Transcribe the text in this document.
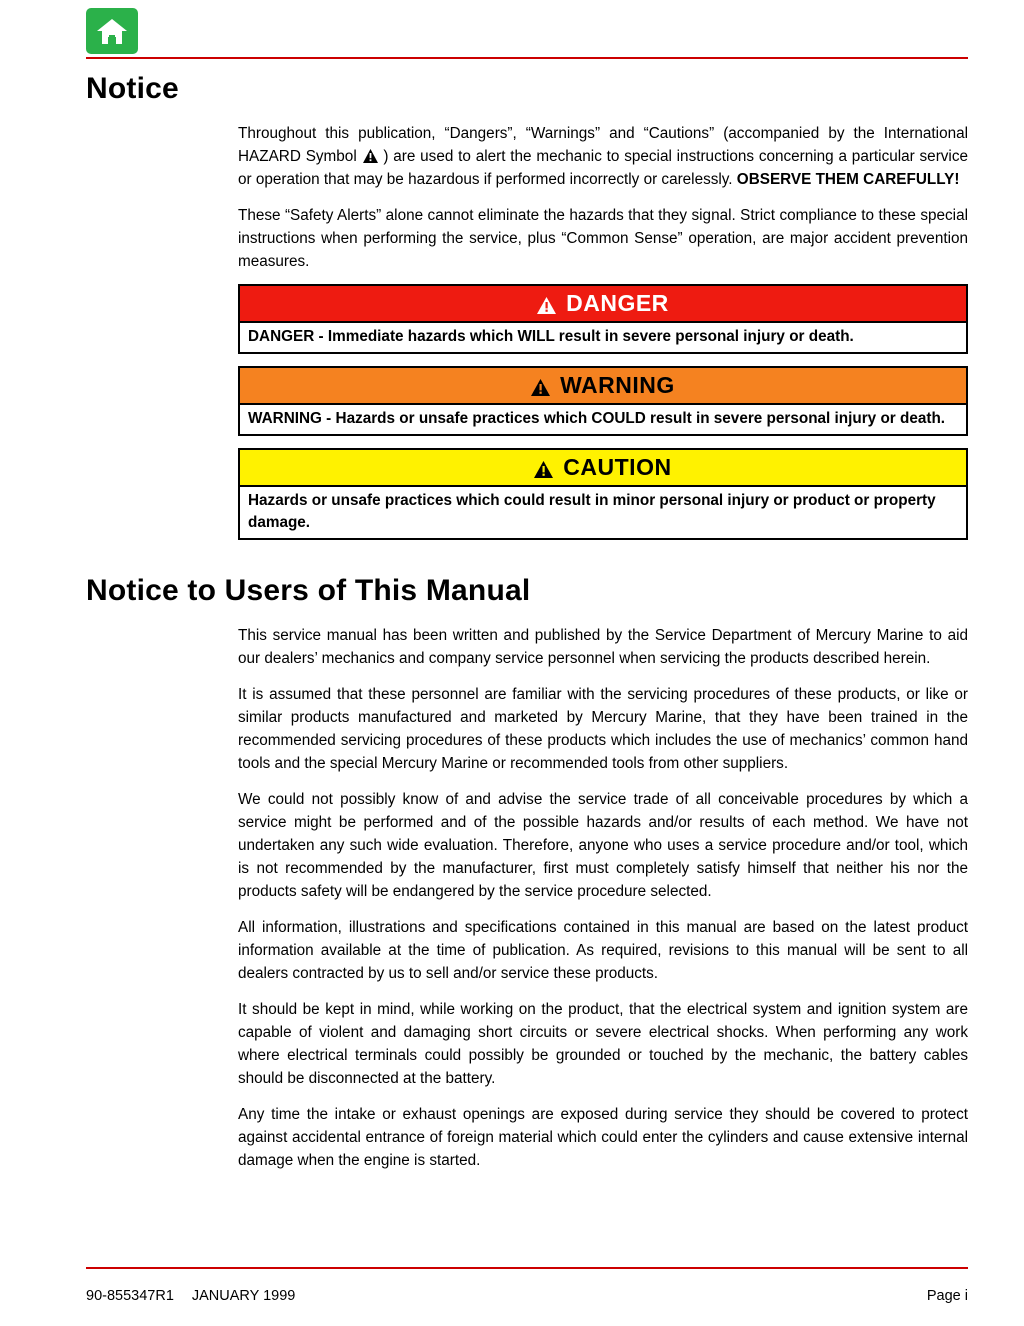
Notice

Throughout this publication, “Dangers”, “Warnings” and “Cautions” (accompanied by the International HAZARD Symbol  ) are used to alert the mechanic to special instructions concerning a particular service or operation that may be hazardous if performed incorrectly or carelessly. OBSERVE THEM CAREFULLY!

These “Safety Alerts” alone cannot eliminate the hazards that they signal. Strict compliance to these special instructions when performing the service, plus “Common Sense” operation, are major accident prevention measures.

DANGER
DANGER - Immediate hazards which WILL result in severe personal injury or death.
WARNING
WARNING - Hazards or unsafe practices which COULD result in severe personal injury or death.
CAUTION
Hazards or unsafe practices which could result in minor personal injury or product or property damage.
Notice to Users of This Manual

This service manual has been written and published by the Service Department of Mercury Marine to aid our dealers’ mechanics and company service personnel when servicing the products described herein.

It is assumed that these personnel are familiar with the servicing procedures of these products, or like or similar products manufactured and marketed by Mercury Marine, that they have been trained in the recommended servicing procedures of these products which includes the use of mechanics’ common hand tools and the special Mercury Marine or recommended tools from other suppliers.

We could not possibly know of and advise the service trade of all conceivable procedures by which a service might be performed and of the possible hazards and/or results of each method. We have not undertaken any such wide evaluation. Therefore, anyone who uses a service procedure and/or tool, which is not recommended by the manufacturer, first must completely satisfy himself that neither his nor the products safety will be endangered by the service procedure selected.

All information, illustrations and specifications contained in this manual are based on the latest product information available at the time of publication. As required, revisions to this manual will be sent to all dealers contracted by us to sell and/or service these products.

It should be kept in mind, while working on the product, that the electrical system and ignition system are capable of violent and damaging short circuits or severe electrical shocks. When performing any work where electrical terminals could possibly be grounded or touched by the mechanic, the battery cables should be disconnected at the battery.

Any time the intake or exhaust openings are exposed during service they should be covered to protect against accidental entrance of foreign material which could enter the cylinders and cause extensive internal damage when the engine is started.

90-855347R1 JANUARY 1999	Page i
